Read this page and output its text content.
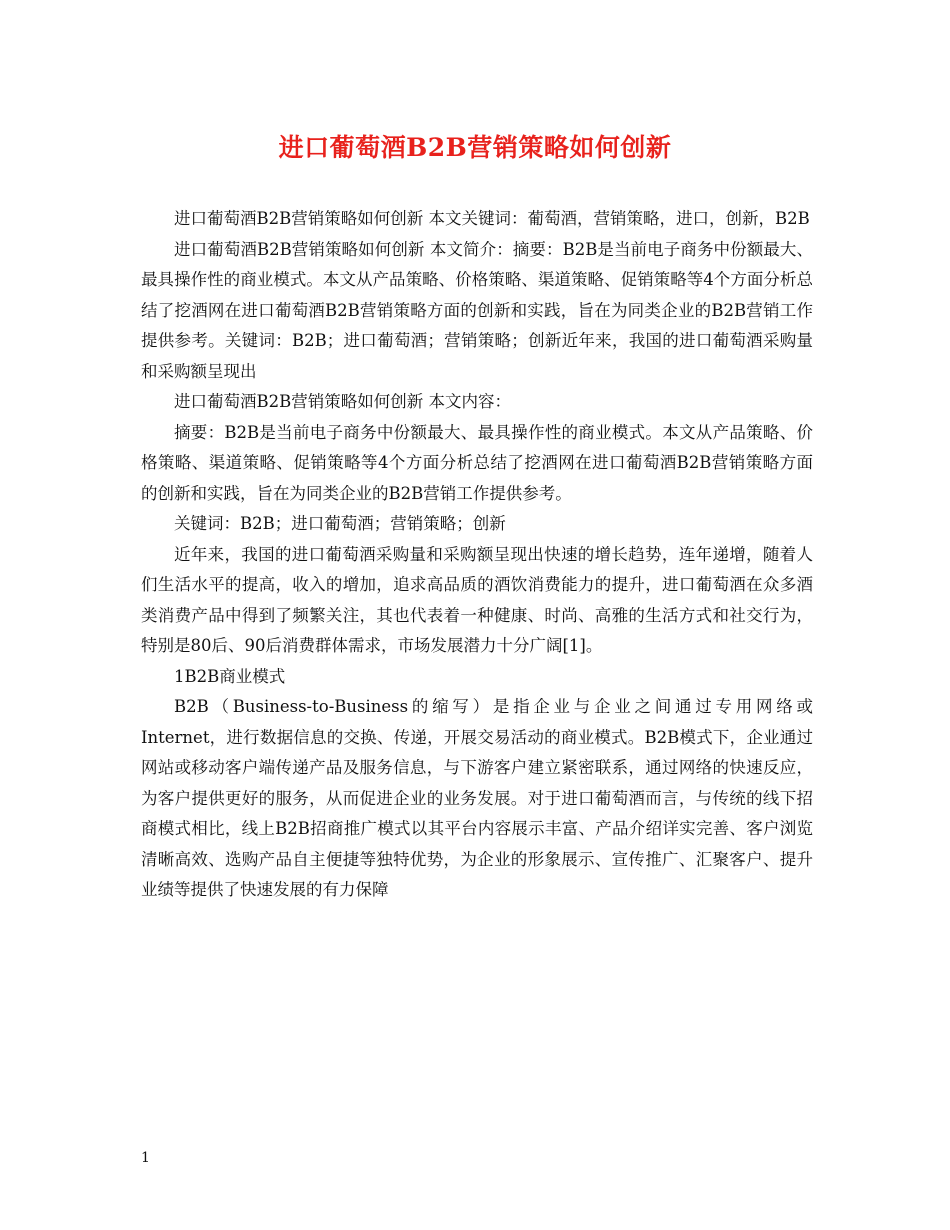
进口葡萄酒B2B营销策略如何创新

进口葡萄酒B2B营销策略如何创新 本文关键词：葡萄酒，营销策略，进口，创新，B2B

进口葡萄酒B2B营销策略如何创新 本文简介：摘要：B2B是当前电子商务中份额最大、最具操作性的商业模式。本文从产品策略、价格策略、渠道策略、促销策略等4个方面分析总结了挖酒网在进口葡萄酒B2B营销策略方面的创新和实践，旨在为同类企业的B2B营销工作提供参考。关键词：B2B；进口葡萄酒；营销策略；创新近年来，我国的进口葡萄酒采购量和采购额呈现出

进口葡萄酒B2B营销策略如何创新 本文内容：

摘要：B2B是当前电子商务中份额最大、最具操作性的商业模式。本文从产品策略、价格策略、渠道策略、促销策略等4个方面分析总结了挖酒网在进口葡萄酒B2B营销策略方面的创新和实践，旨在为同类企业的B2B营销工作提供参考。

关键词：B2B；进口葡萄酒；营销策略；创新

近年来，我国的进口葡萄酒采购量和采购额呈现出快速的增长趋势，连年递增，随着人们生活水平的提高，收入的增加，追求高品质的酒饮消费能力的提升，进口葡萄酒在众多酒类消费产品中得到了频繁关注，其也代表着一种健康、时尚、高雅的生活方式和社交行为，特别是80后、90后消费群体需求，市场发展潜力十分广阔[1]。

1B2B商业模式

B2B（Business-to-Business的缩写）是指企业与企业之间通过专用网络或Internet，进行数据信息的交换、传递，开展交易活动的商业模式。B2B模式下，企业通过网站或移动客户端传递产品及服务信息，与下游客户建立紧密联系，通过网络的快速反应，为客户提供更好的服务，从而促进企业的业务发展。对于进口葡萄酒而言，与传统的线下招商模式相比，线上B2B招商推广模式以其平台内容展示丰富、产品介绍详实完善、客户浏览清晰高效、选购产品自主便捷等独特优势，为企业的形象展示、宣传推广、汇聚客户、提升业绩等提供了快速发展的有力保障

1
